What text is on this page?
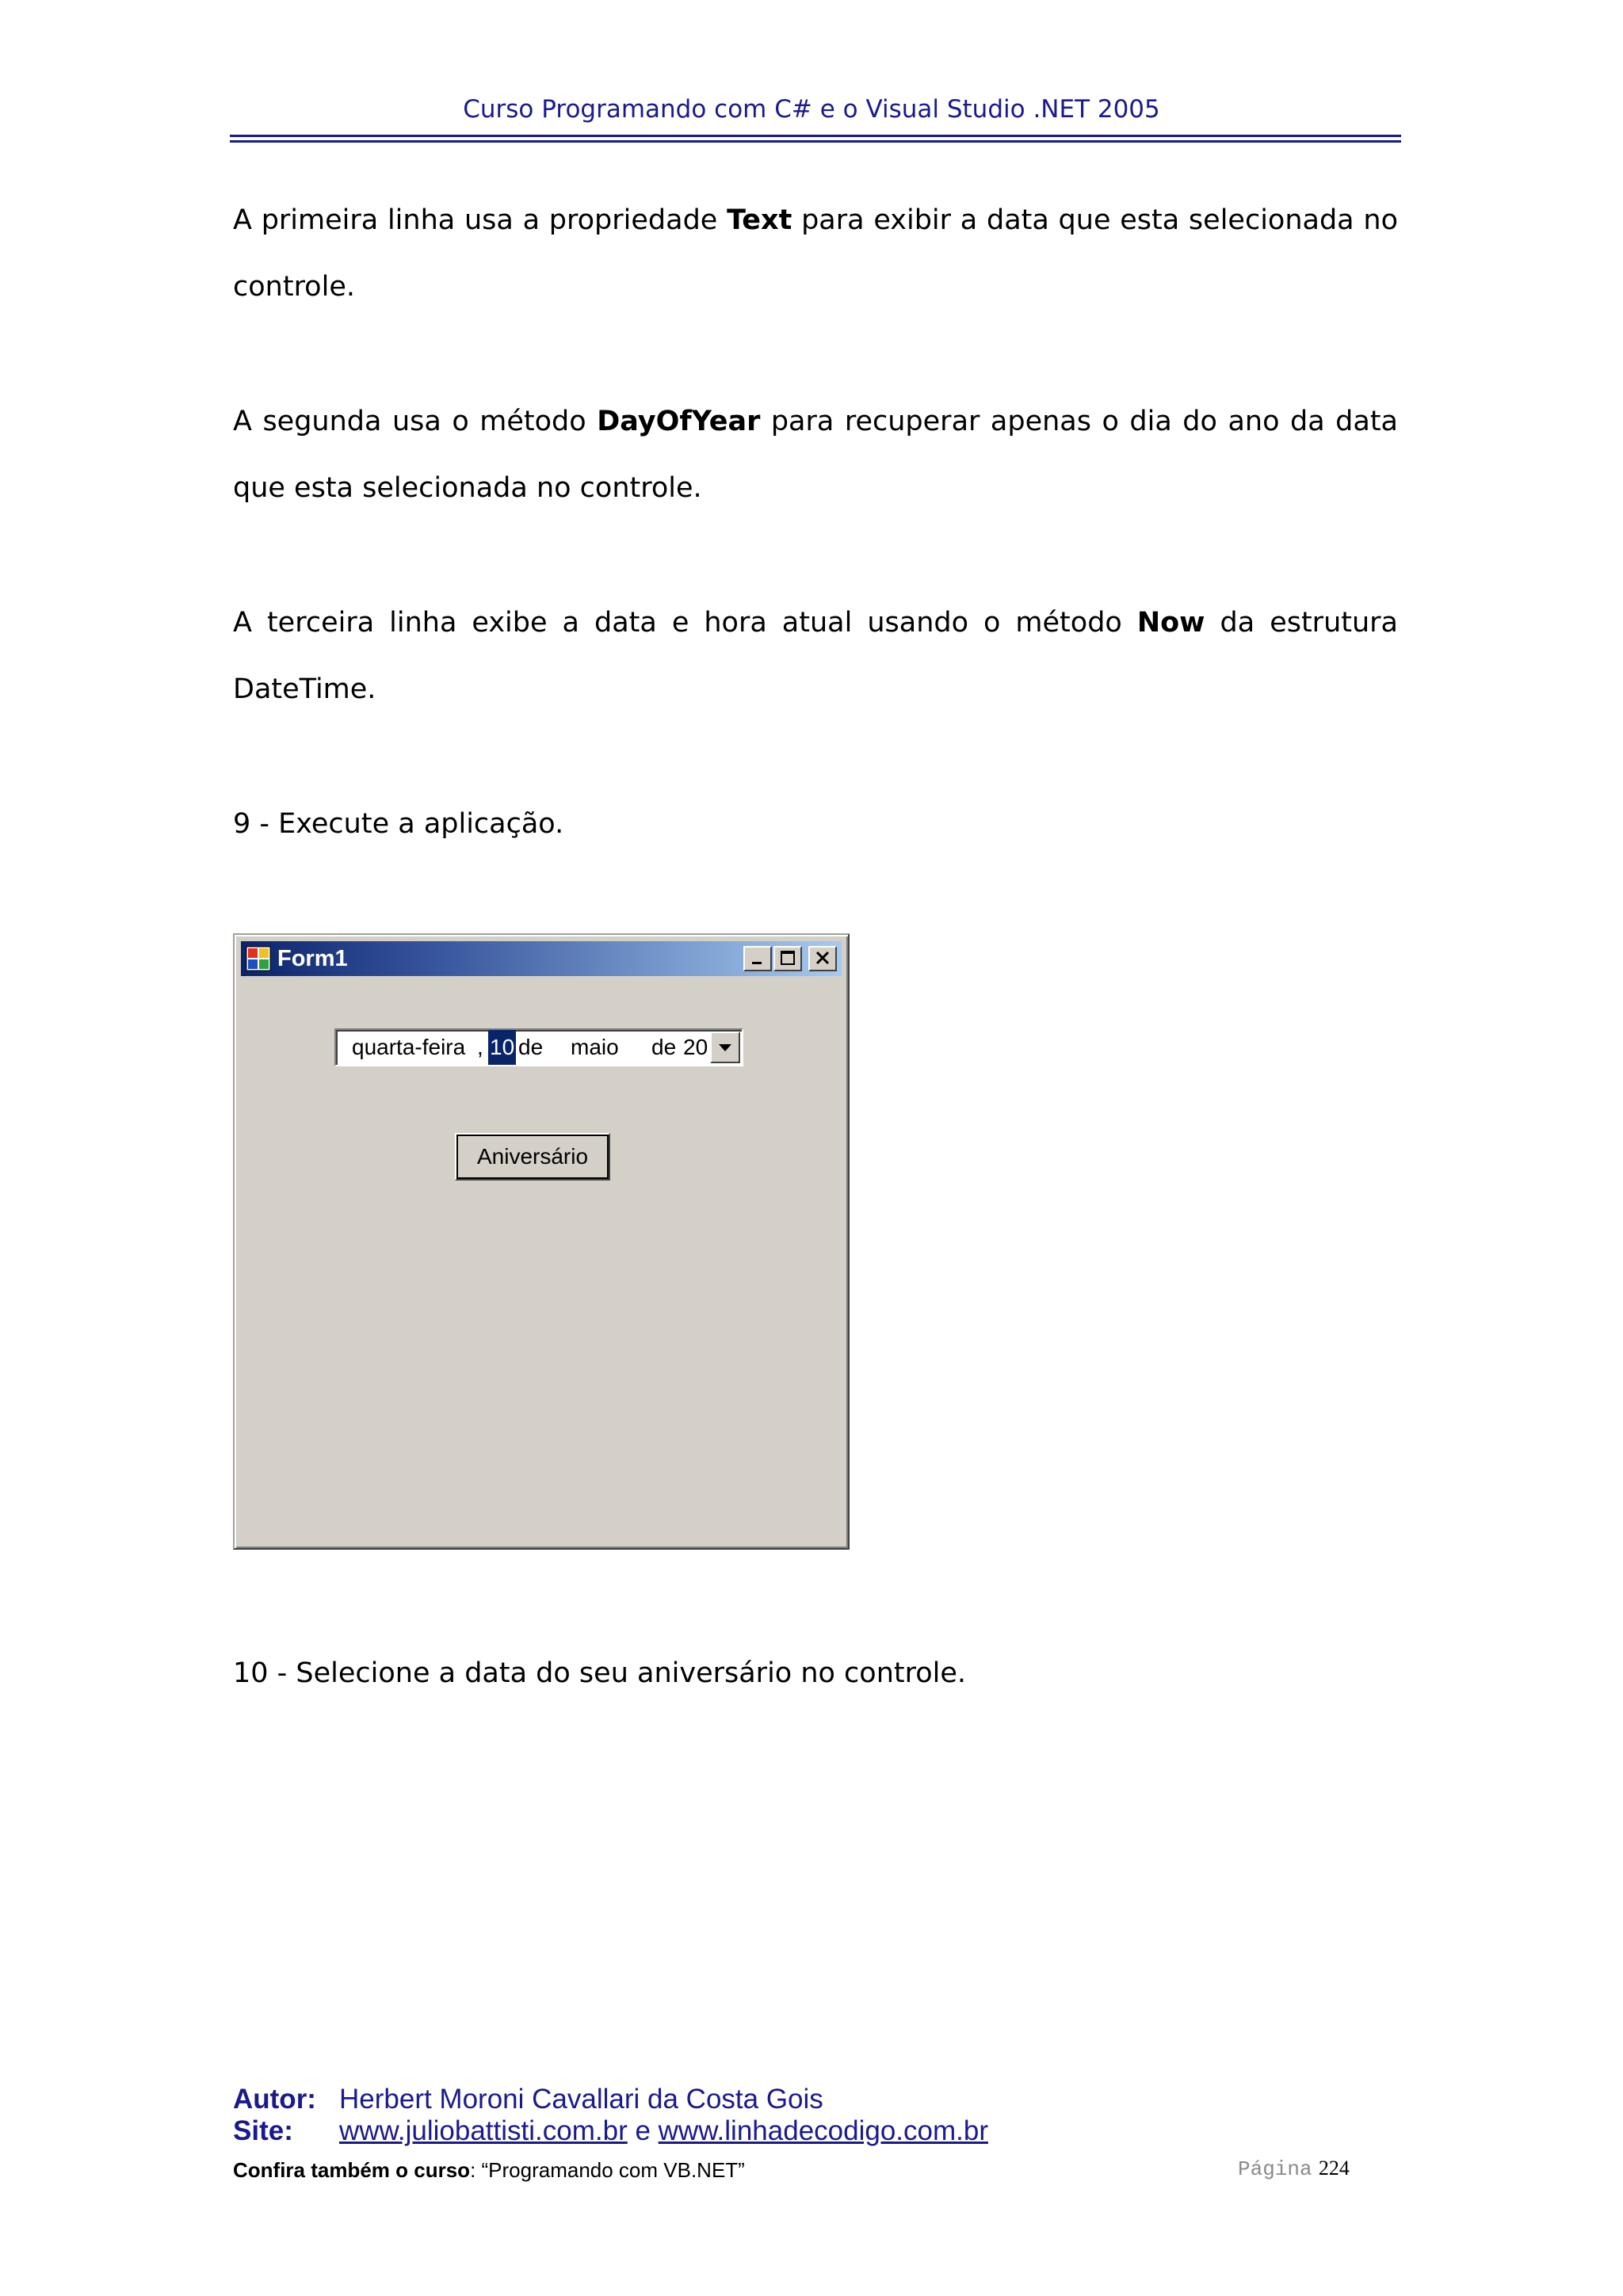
Curso Programando com C# e o Visual Studio .NET 2005
A primeira linha usa a propriedade Text para exibir a data que esta selecionada no controle.
A segunda usa o método DayOfYear para recuperar apenas o dia do ano da data que esta selecionada no controle.
A terceira linha exibe a data e hora atual usando o método Now da estrutura DateTime.
9 - Execute a aplicação.
Form1
quarta-feira , 10 de maio de 20
Aniversário
10 - Selecione a data do seu aniversário no controle.
Autor: Herbert Moroni Cavallari da Costa Gois
Site: www.juliobattisti.com.br e www.linhadecodigo.com.br
Confira também o curso: “Programando com VB.NET”	Página 224
